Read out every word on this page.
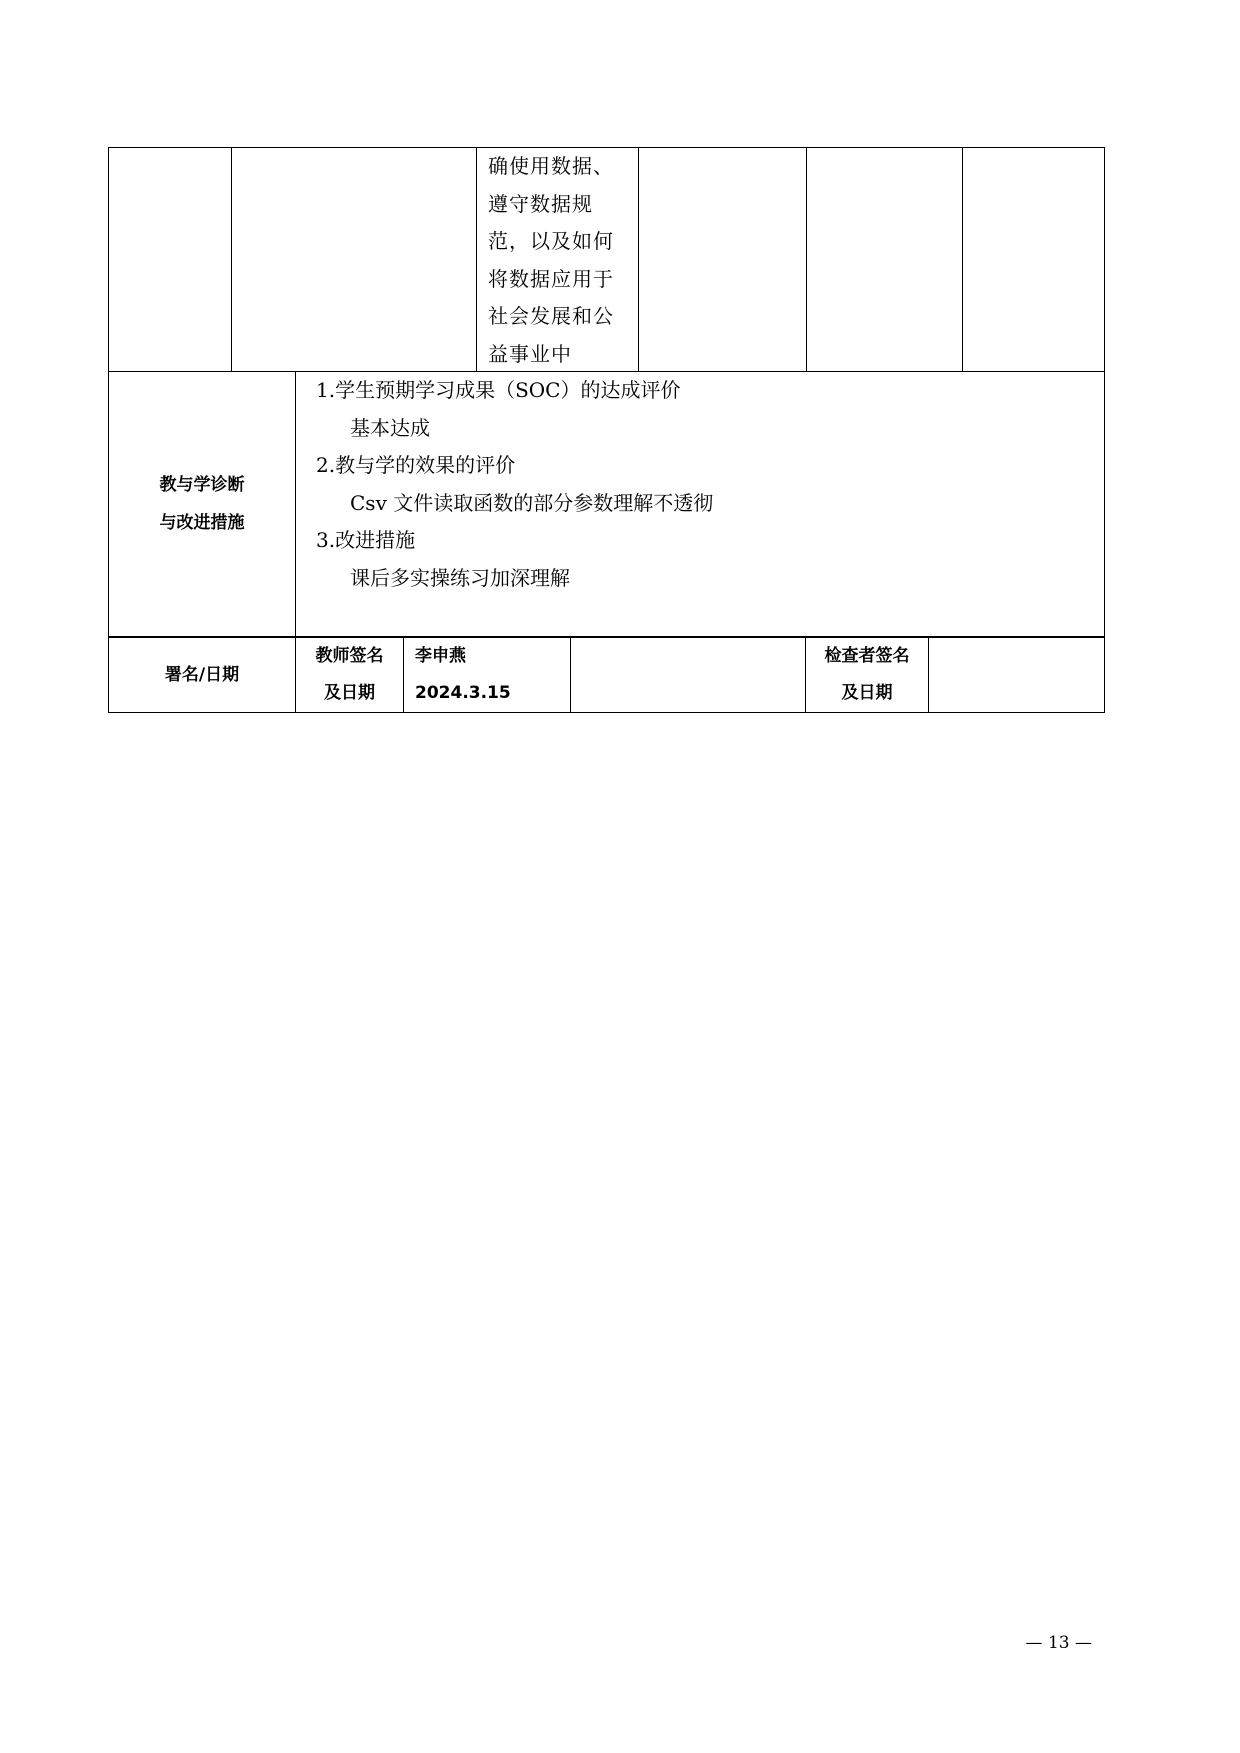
确使用数据、
遵守数据规
范，以及如何
将数据应用于
社会发展和公
益事业中
教与学诊断
与改进措施
1.学生预期学习成果（SOC）的达成评价
基本达成
2.教与学的效果的评价
Csv 文件读取函数的部分参数理解不透彻
3.改进措施
课后多实操练习加深理解
署名/日期
教师签名
及日期
李申燕
2024.3.15
检查者签名
及日期
— 13 —
